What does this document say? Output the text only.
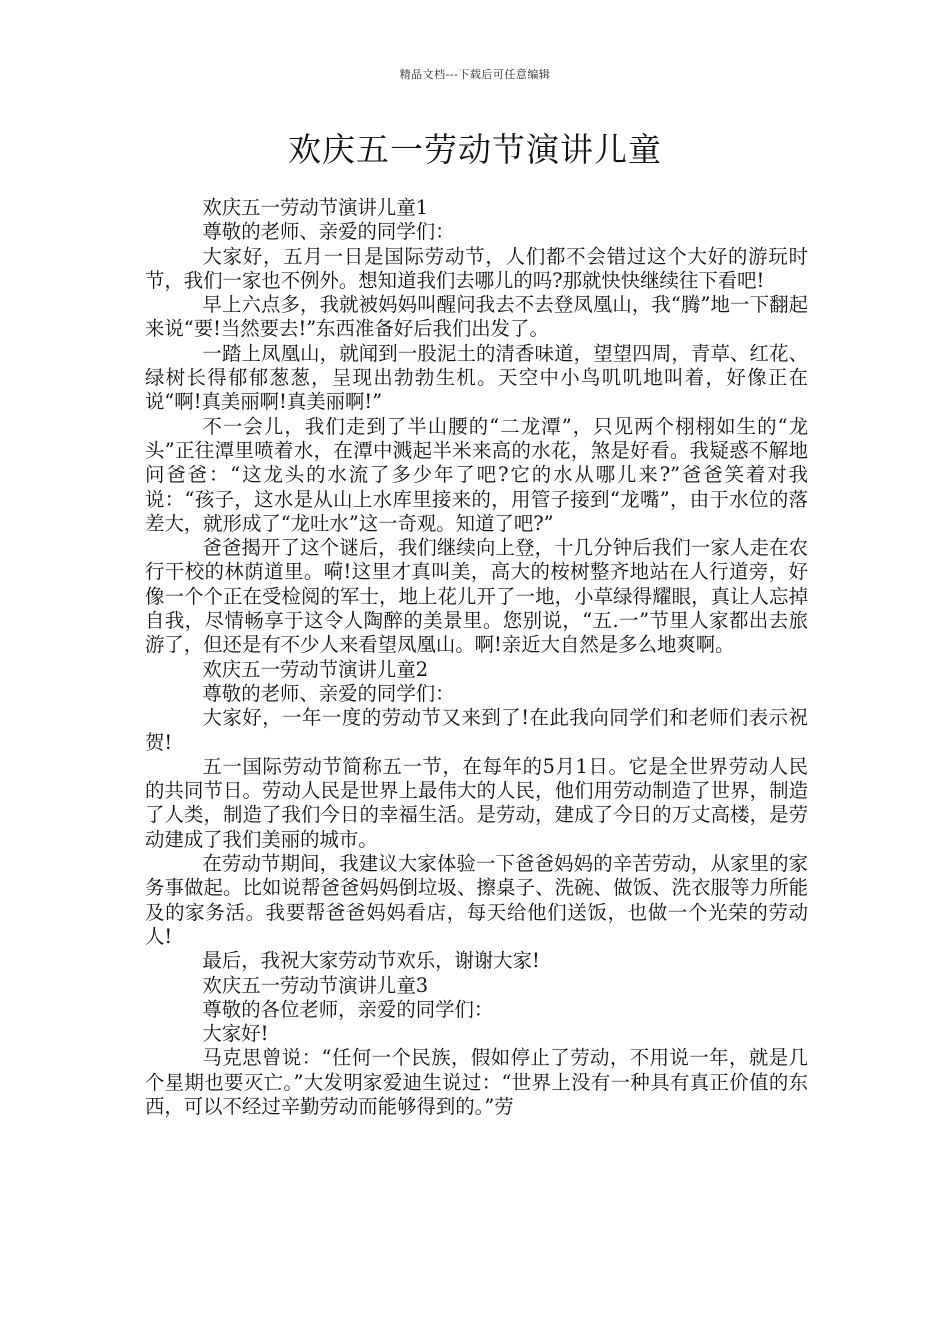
精品文档---下载后可任意编辑
欢庆五一劳动节演讲儿童

欢庆五一劳动节演讲儿童1

尊敬的老师、亲爱的同学们：

大家好，五月一日是国际劳动节，人们都不会错过这个大好的游玩时节，我们一家也不例外。想知道我们去哪儿的吗?那就快快继续往下看吧!

早上六点多，我就被妈妈叫醒问我去不去登凤凰山，我“腾”地一下翻起来说“要!当然要去!”东西准备好后我们出发了。

一踏上凤凰山，就闻到一股泥土的清香味道，望望四周，青草、红花、绿树长得郁郁葱葱，呈现出勃勃生机。天空中小鸟叽叽地叫着，好像正在说“啊!真美丽啊!真美丽啊!”

不一会儿，我们走到了半山腰的“二龙潭”，只见两个栩栩如生的“龙头”正往潭里喷着水，在潭中溅起半米来高的水花，煞是好看。我疑惑不解地问爸爸：“这龙头的水流了多少年了吧?它的水从哪儿来?”爸爸笑着对我说：“孩子，这水是从山上水库里接来的，用管子接到“龙嘴”，由于水位的落差大，就形成了“龙吐水”这一奇观。知道了吧?”

爸爸揭开了这个谜后，我们继续向上登，十几分钟后我们一家人走在农行干校的林荫道里。嗬!这里才真叫美，高大的桉树整齐地站在人行道旁，好像一个个正在受检阅的军士，地上花儿开了一地，小草绿得耀眼，真让人忘掉自我，尽情畅享于这令人陶醉的美景里。您别说，“五.一”节里人家都出去旅游了，但还是有不少人来看望凤凰山。啊!亲近大自然是多么地爽啊。

欢庆五一劳动节演讲儿童2

尊敬的老师、亲爱的同学们：

大家好，一年一度的劳动节又来到了!在此我向同学们和老师们表示祝贺!

五一国际劳动节简称五一节，在每年的5月1日。它是全世界劳动人民的共同节日。劳动人民是世界上最伟大的人民，他们用劳动制造了世界，制造了人类，制造了我们今日的幸福生活。是劳动，建成了今日的万丈高楼，是劳动建成了我们美丽的城市。

在劳动节期间，我建议大家体验一下爸爸妈妈的辛苦劳动，从家里的家务事做起。比如说帮爸爸妈妈倒垃圾、擦桌子、洗碗、做饭、洗衣服等力所能及的家务活。我要帮爸爸妈妈看店，每天给他们送饭，也做一个光荣的劳动人!

最后，我祝大家劳动节欢乐，谢谢大家!

欢庆五一劳动节演讲儿童3

尊敬的各位老师，亲爱的同学们：

大家好!

马克思曾说：“任何一个民族，假如停止了劳动，不用说一年，就是几个星期也要灭亡。”大发明家爱迪生说过：“世界上没有一种具有真正价值的东西，可以不经过辛勤劳动而能够得到的。”劳
